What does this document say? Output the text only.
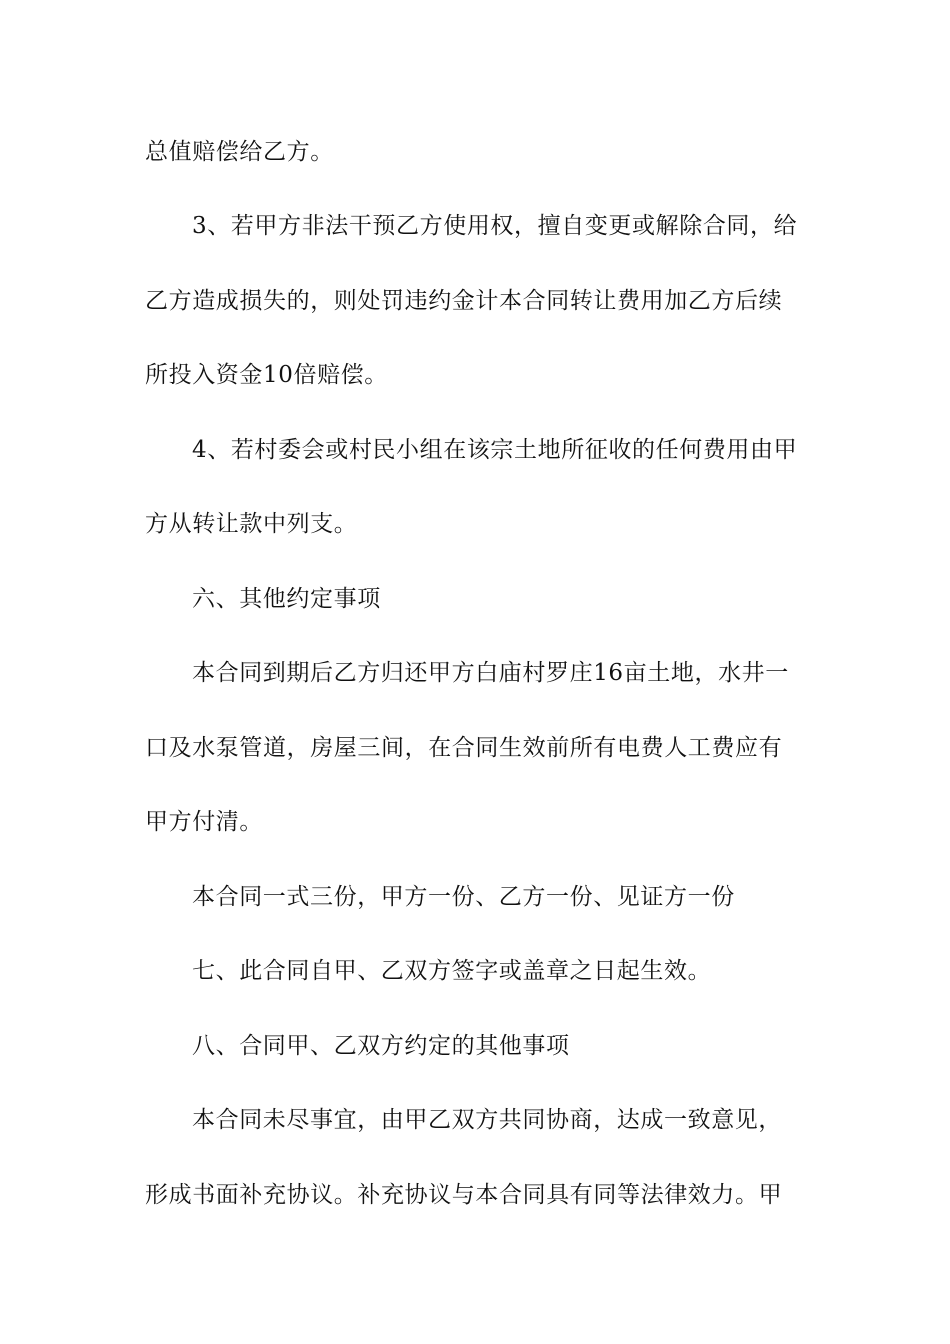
总值赔偿给乙方。
3、若甲方非法干预乙方使用权，擅自变更或解除合同，给
乙方造成损失的，则处罚违约金计本合同转让费用加乙方后续
所投入资金10倍赔偿。
4、若村委会或村民小组在该宗土地所征收的任何费用由甲
方从转让款中列支。
六、其他约定事项
本合同到期后乙方归还甲方白庙村罗庄16亩土地，水井一
口及水泵管道，房屋三间，在合同生效前所有电费人工费应有
甲方付清。
本合同一式三份，甲方一份、乙方一份、见证方一份
七、此合同自甲、乙双方签字或盖章之日起生效。
八、合同甲、乙双方约定的其他事项
本合同未尽事宜，由甲乙双方共同协商，达成一致意见，
形成书面补充协议。补充协议与本合同具有同等法律效力。甲
